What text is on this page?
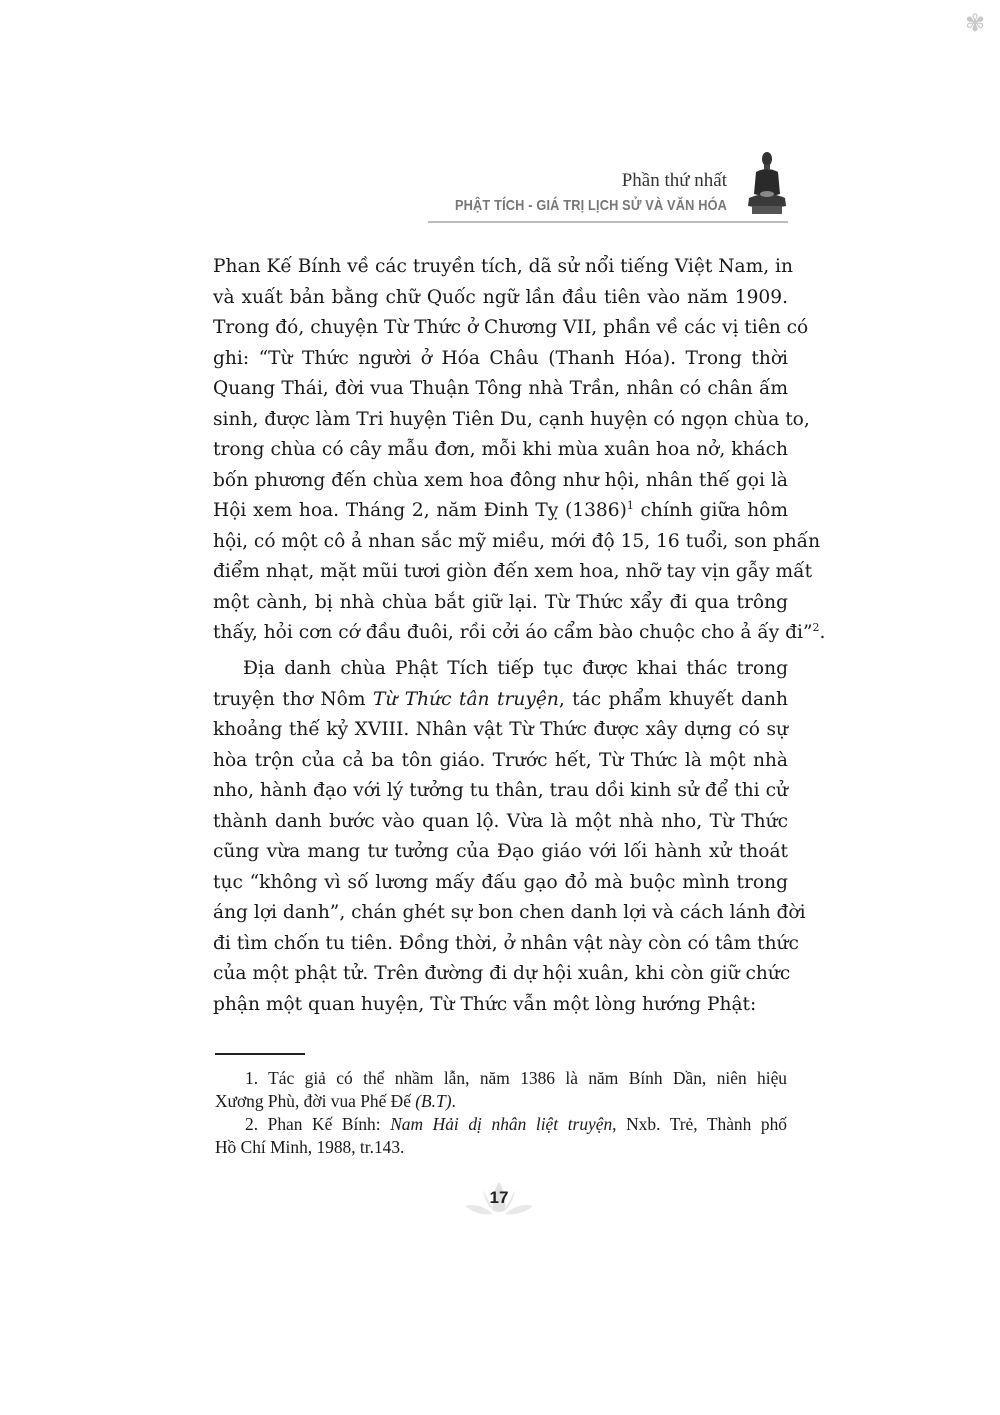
✾
Phần thứ nhất
PHẬT TÍCH - GIÁ TRỊ LỊCH SỬ VÀ VĂN HÓA
Phan Kế Bính về các truyền tích, dã sử nổi tiếng Việt Nam, in
và xuất bản bằng chữ Quốc ngữ lần đầu tiên vào năm 1909.
Trong đó, chuyện Từ Thức ở Chương VII, phần về các vị tiên có
ghi: “Từ Thức người ở Hóa Châu (Thanh Hóa). Trong thời
Quang Thái, đời vua Thuận Tông nhà Trần, nhân có chân ấm
sinh, được làm Tri huyện Tiên Du, cạnh huyện có ngọn chùa to,
trong chùa có cây mẫu đơn, mỗi khi mùa xuân hoa nở, khách
bốn phương đến chùa xem hoa đông như hội, nhân thế gọi là
Hội xem hoa. Tháng 2, năm Đinh Tỵ $(1386)^1$ chính giữa hôm
hội, có một cô ả nhan sắc mỹ miều, mới độ 15, 16 tuổi, son phấn
điểm nhạt, mặt mũi tươi giòn đến xem hoa, nhỡ tay vịn gẫy mất
một cành, bị nhà chùa bắt giữ lại. Từ Thức xẩy đi qua trông
thấy, hỏi cơn cớ đầu đuôi, rồi cởi áo cẩm bào chuộc cho ả ấy đi”$^2$.
Địa danh chùa Phật Tích tiếp tục được khai thác trong
truyện thơ Nôm Từ Thức tân truyện, tác phẩm khuyết danh
khoảng thế kỷ XVIII. Nhân vật Từ Thức được xây dựng có sự
hòa trộn của cả ba tôn giáo. Trước hết, Từ Thức là một nhà
nho, hành đạo với lý tưởng tu thân, trau dồi kinh sử để thi cử
thành danh bước vào quan lộ. Vừa là một nhà nho, Từ Thức
cũng vừa mang tư tưởng của Đạo giáo với lối hành xử thoát
tục “không vì số lương mấy đấu gạo đỏ mà buộc mình trong
áng lợi danh”, chán ghét sự bon chen danh lợi và cách lánh đời
đi tìm chốn tu tiên. Đồng thời, ở nhân vật này còn có tâm thức
của một phật tử. Trên đường đi dự hội xuân, khi còn giữ chức
phận một quan huyện, Từ Thức vẫn một lòng hướng Phật:
1. Tác giả có thể nhầm lẫn, năm 1386 là năm Bính Dần, niên hiệu
Xương Phù, đời vua Phế Đế (B.T).
2. Phan Kế Bính: Nam Hải dị nhân liệt truyện, Nxb. Trẻ, Thành phố
Hồ Chí Minh, 1988, tr.143.
17
